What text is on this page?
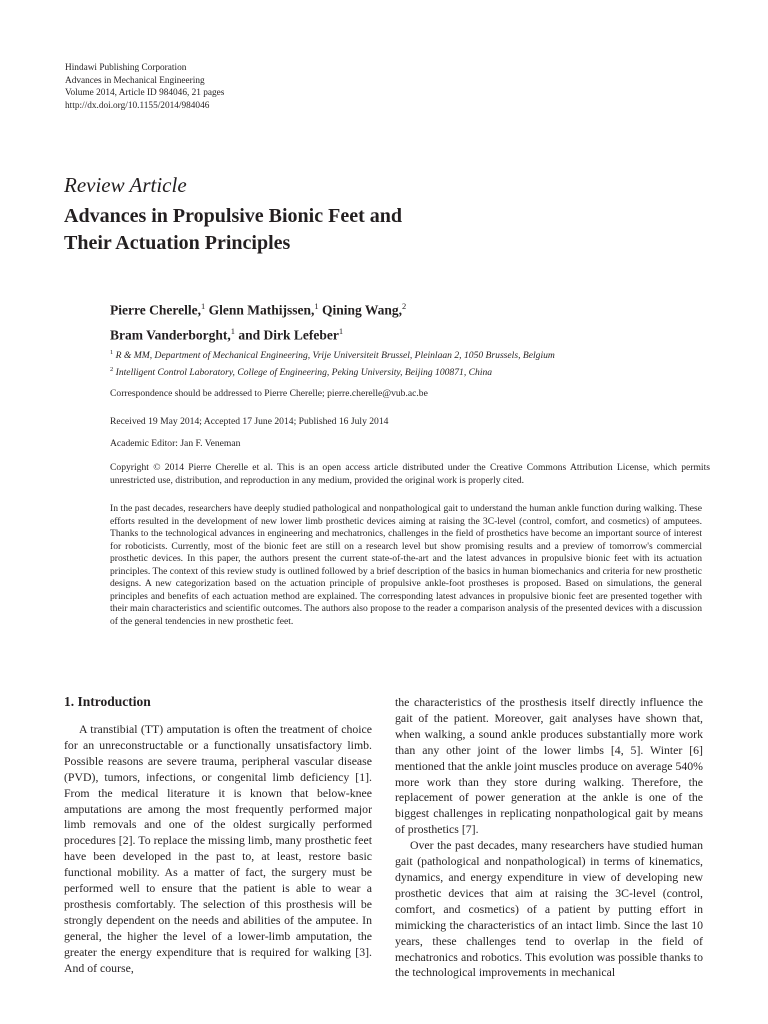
Hindawi Publishing Corporation
Advances in Mechanical Engineering
Volume 2014, Article ID 984046, 21 pages
http://dx.doi.org/10.1155/2014/984046
Review Article
Advances in Propulsive Bionic Feet and
Their Actuation Principles
Pierre Cherelle,$^1$ Glenn Mathijssen,$^1$ Qining Wang,$^2$
Bram Vanderborght,$^1$ and Dirk Lefeber$^1$
$^1$ R & MM, Department of Mechanical Engineering, Vrije Universiteit Brussel, Pleinlaan 2, 1050 Brussels, Belgium
$^2$ Intelligent Control Laboratory, College of Engineering, Peking University, Beijing 100871, China
Correspondence should be addressed to Pierre Cherelle; pierre.cherelle@vub.ac.be
Received 19 May 2014; Accepted 17 June 2014; Published 16 July 2014
Academic Editor: Jan F. Veneman
Copyright © 2014 Pierre Cherelle et al. This is an open access article distributed under the Creative Commons Attribution License, which permits unrestricted use, distribution, and reproduction in any medium, provided the original work is properly cited.
In the past decades, researchers have deeply studied pathological and nonpathological gait to understand the human ankle function during walking. These efforts resulted in the development of new lower limb prosthetic devices aiming at raising the 3C-level (control, comfort, and cosmetics) of amputees. Thanks to the technological advances in engineering and mechatronics, challenges in the field of prosthetics have become an important source of interest for roboticists. Currently, most of the bionic feet are still on a research level but show promising results and a preview of tomorrow's commercial prosthetic devices. In this paper, the authors present the current state-of-the-art and the latest advances in propulsive bionic feet with its actuation principles. The context of this review study is outlined followed by a brief description of the basics in human biomechanics and criteria for new prosthetic designs. A new categorization based on the actuation principle of propulsive ankle-foot prostheses is proposed. Based on simulations, the general principles and benefits of each actuation method are explained. The corresponding latest advances in propulsive bionic feet are presented together with their main characteristics and scientific outcomes. The authors also propose to the reader a comparison analysis of the presented devices with a discussion of the general tendencies in new prosthetic feet.
1. Introduction

A transtibial (TT) amputation is often the treatment of choice for an unreconstructable or a functionally unsatisfactory limb. Possible reasons are severe trauma, peripheral vascular disease (PVD), tumors, infections, or congenital limb deficiency [1]. From the medical literature it is known that below-knee amputations are among the most frequently performed major limb removals and one of the oldest surgically performed procedures [2]. To replace the missing limb, many prosthetic feet have been developed in the past to, at least, restore basic functional mobility. As a matter of fact, the surgery must be performed well to ensure that the patient is able to wear a prosthesis comfortably. The selection of this prosthesis will be strongly dependent on the needs and abilities of the amputee. In general, the higher the level of a lower-limb amputation, the greater the energy expenditure that is required for walking [3]. And of course,

the characteristics of the prosthesis itself directly influence the gait of the patient. Moreover, gait analyses have shown that, when walking, a sound ankle produces substantially more work than any other joint of the lower limbs [4, 5]. Winter [6] mentioned that the ankle joint muscles produce on average 540% more work than they store during walking. Therefore, the replacement of power generation at the ankle is one of the biggest challenges in replicating nonpathological gait by means of prosthetics [7].

Over the past decades, many researchers have studied human gait (pathological and nonpathological) in terms of kinematics, dynamics, and energy expenditure in view of developing new prosthetic devices that aim at raising the 3C-level (control, comfort, and cosmetics) of a patient by putting effort in mimicking the characteristics of an intact limb. Since the last 10 years, these challenges tend to overlap in the field of mechatronics and robotics. This evolution was possible thanks to the technological improvements in mechanical
